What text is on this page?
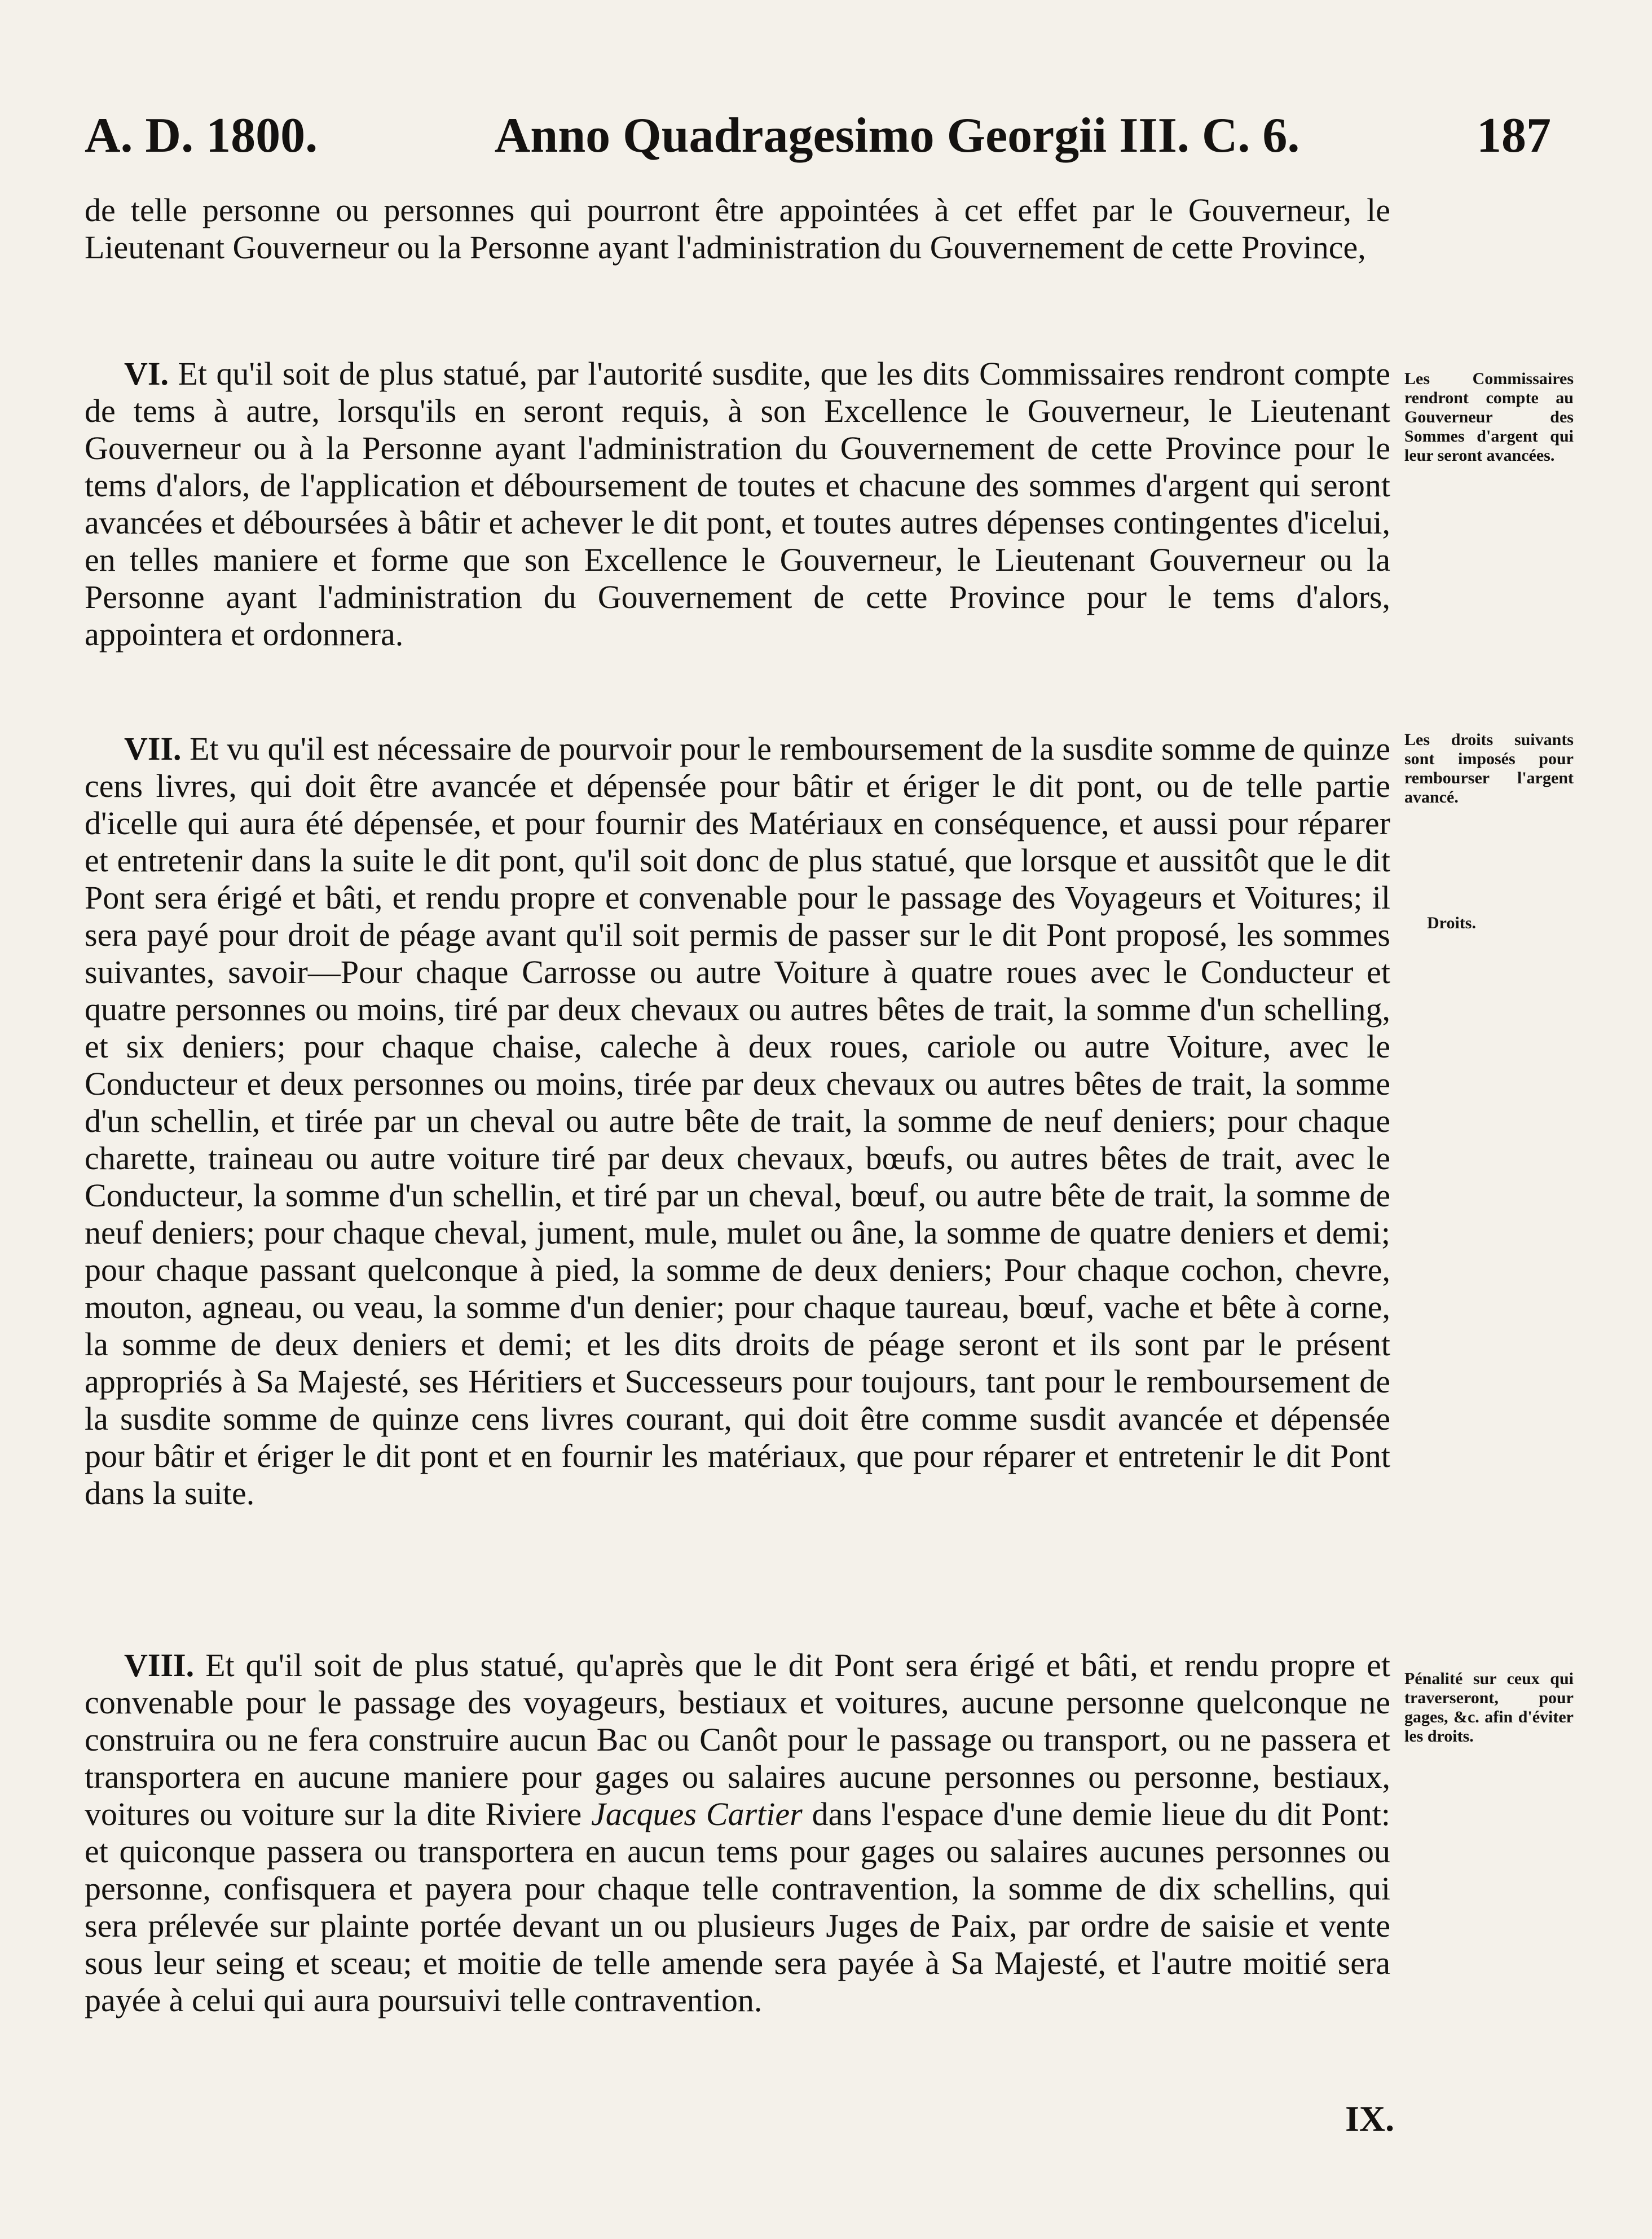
A. D. 1800.	Anno Quadragesimo Georgii III. C. 6.	187

de telle personne ou personnes qui pourront être appointées à cet effet par le Gouverneur, le Lieutenant Gouverneur ou la Personne ayant l'administration du Gouvernement de cette Province,

VI. Et qu'il soit de plus statué, par l'autorité susdite, que les dits Commissaires rendront compte de tems à autre, lorsqu'ils en seront requis, à son Excellence le Gouverneur, le Lieutenant Gouverneur ou à la Personne ayant l'administration du Gouvernement de cette Province pour le tems d'alors, de l'application et déboursement de toutes et chacune des sommes d'argent qui seront avancées et déboursées à bâtir et achever le dit pont, et toutes autres dépenses contingentes d'icelui, en telles maniere et forme que son Excellence le Gouverneur, le Lieutenant Gouverneur ou la Personne ayant l'administration du Gouvernement de cette Province pour le tems d'alors, appointera et ordonnera.

VII. Et vu qu'il est nécessaire de pourvoir pour le remboursement de la susdite somme de quinze cens livres, qui doit être avancée et dépensée pour bâtir et ériger le dit pont, ou de telle partie d'icelle qui aura été dépensée, et pour fournir des Matériaux en conséquence, et aussi pour réparer et entretenir dans la suite le dit pont, qu'il soit donc de plus statué, que lorsque et aussitôt que le dit Pont sera érigé et bâti, et rendu propre et convenable pour le passage des Voyageurs et Voitures; il sera payé pour droit de péage avant qu'il soit permis de passer sur le dit Pont proposé, les sommes suivantes, savoir—Pour chaque Carrosse ou autre Voiture à quatre roues avec le Conducteur et quatre personnes ou moins, tiré par deux chevaux ou autres bêtes de trait, la somme d'un schelling, et six deniers; pour chaque chaise, caleche à deux roues, cariole ou autre Voiture, avec le Conducteur et deux personnes ou moins, tirée par deux chevaux ou autres bêtes de trait, la somme d'un schellin, et tirée par un cheval ou autre bête de trait, la somme de neuf deniers; pour chaque charette, traineau ou autre voiture tiré par deux chevaux, bœufs, ou autres bêtes de trait, avec le Conducteur, la somme d'un schellin, et tiré par un cheval, bœuf, ou autre bête de trait, la somme de neuf deniers; pour chaque cheval, jument, mule, mulet ou âne, la somme de quatre deniers et demi; pour chaque passant quelconque à pied, la somme de deux deniers; Pour chaque cochon, chevre, mouton, agneau, ou veau, la somme d'un denier; pour chaque taureau, bœuf, vache et bête à corne, la somme de deux deniers et demi; et les dits droits de péage seront et ils sont par le présent appropriés à Sa Majesté, ses Héritiers et Successeurs pour toujours, tant pour le remboursement de la susdite somme de quinze cens livres courant, qui doit être comme susdit avancée et dépensée pour bâtir et ériger le dit pont et en fournir les matériaux, que pour réparer et entretenir le dit Pont dans la suite.

VIII. Et qu'il soit de plus statué, qu'après que le dit Pont sera érigé et bâti, et rendu propre et convenable pour le passage des voyageurs, bestiaux et voitures, aucune personne quelconque ne construira ou ne fera construire aucun Bac ou Canôt pour le passage ou transport, ou ne passera et transportera en aucune maniere pour gages ou salaires aucune personnes ou personne, bestiaux, voitures ou voiture sur la dite Riviere Jacques Cartier dans l'espace d'une demie lieue du dit Pont: et quiconque passera ou transportera en aucun tems pour gages ou salaires aucunes personnes ou personne, confisquera et payera pour chaque telle contravention, la somme de dix schellins, qui sera prélevée sur plainte portée devant un ou plusieurs Juges de Paix, par ordre de saisie et vente sous leur seing et sceau; et moitie de telle amende sera payée à Sa Majesté, et l'autre moitié sera payée à celui qui aura poursuivi telle contravention.

Les Commissaires rendront compte au Gouverneur des Sommes d'argent qui leur seront avancées.
Les droits suivants sont imposés pour rembourser l'argent avancé.
Droits.
Pénalité sur ceux qui traverseront, pour gages, &c. afin d'éviter les droits.
IX.
